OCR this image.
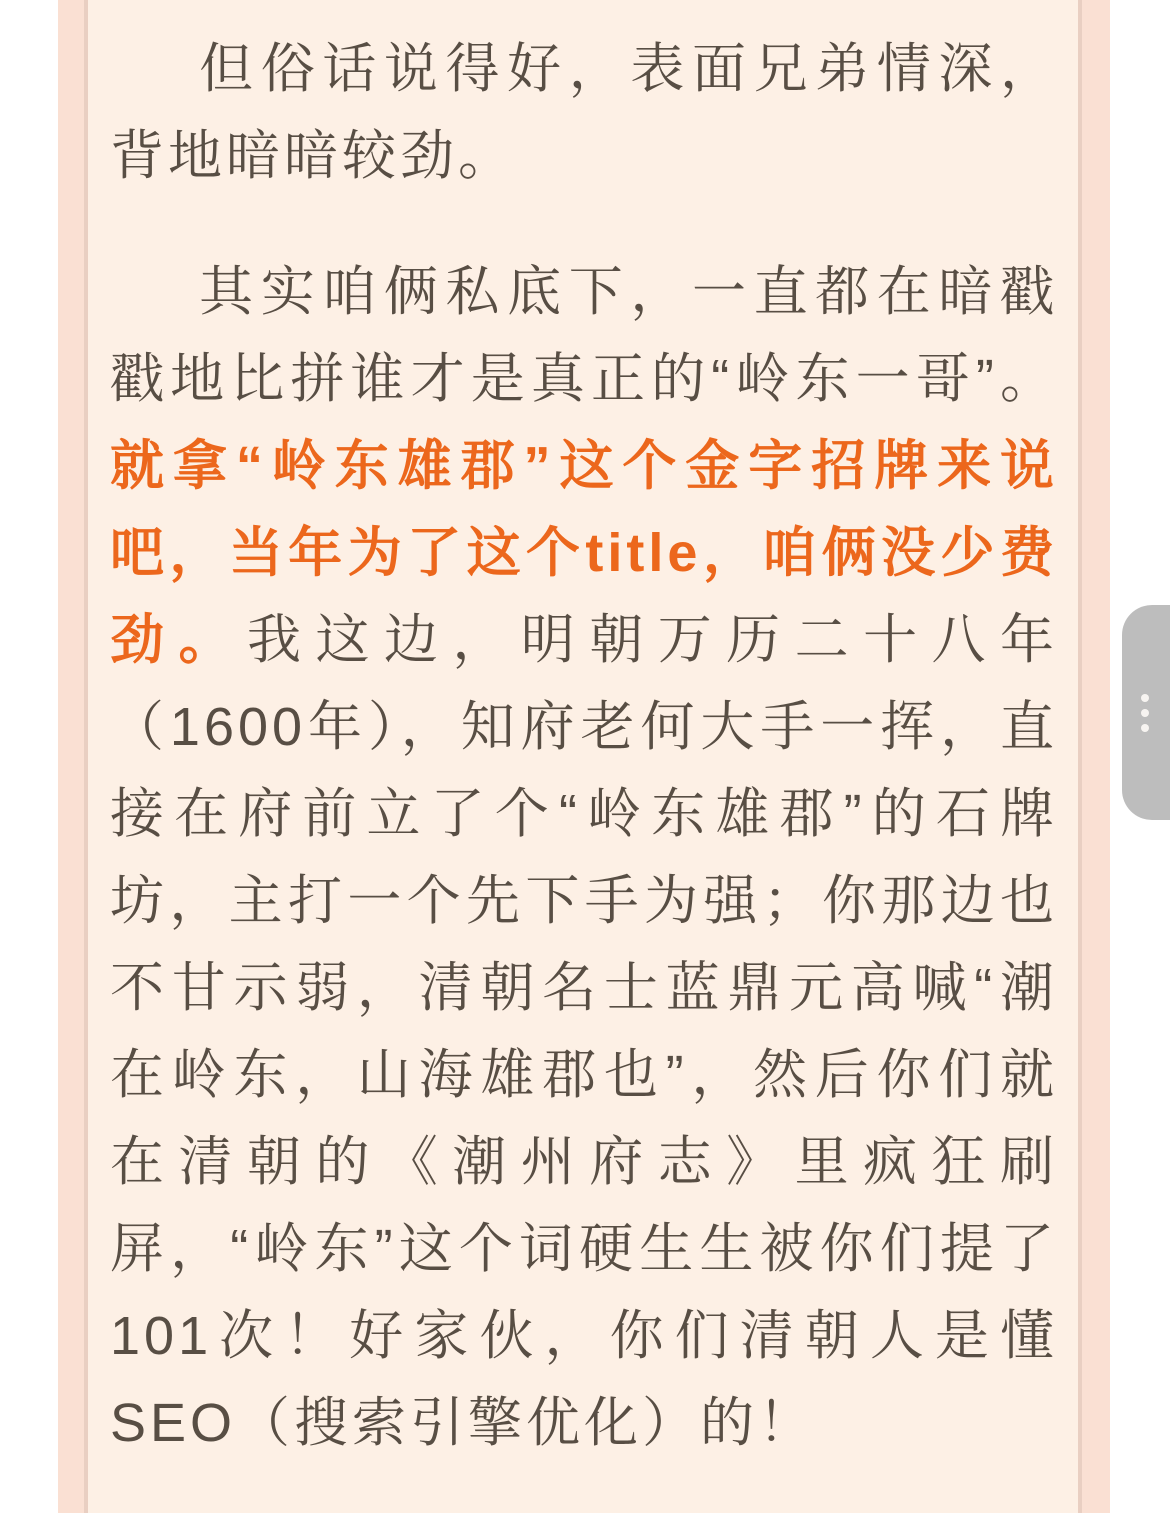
但俗话说得好，表面兄弟情深，背地暗暗较劲。

其实咱俩私底下，一直都在暗戳戳地比拼谁才是真正的“岭东一哥”。就拿“岭东雄郡”这个金字招牌来说吧，当年为了这个title，咱俩没少费劲。我这边，明朝万历二十八年（1600年），知府老何大手一挥，直接在府前立了个“岭东雄郡”的石牌坊，主打一个先下手为强；你那边也不甘示弱，清朝名士蓝鼎元高喊“潮在岭东，山海雄郡也”，然后你们就在清朝的《潮州府志》里疯狂刷屏，“岭东”这个词硬生生被你们提了101次！好家伙，你们清朝人是懂SEO（搜索引擎优化）的！
